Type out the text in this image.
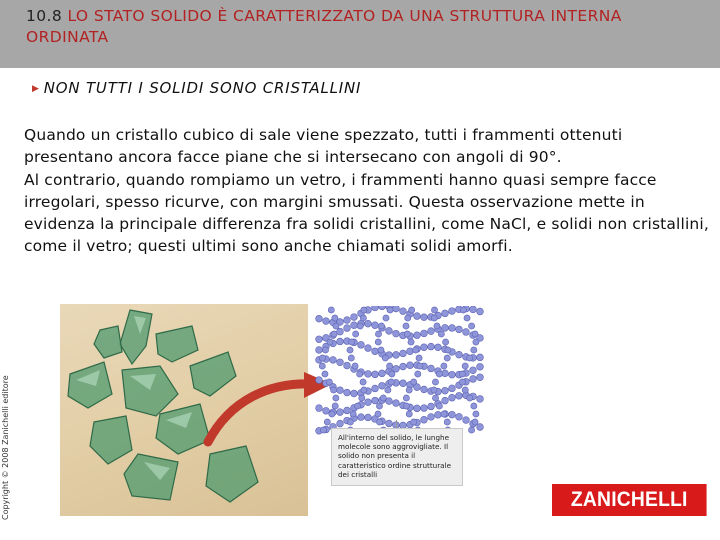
10.8 LO STATO SOLIDO È CARATTERIZZATO DA UNA STRUTTURA INTERNA ORDINATA
▶ NON TUTTI I SOLIDI SONO CRISTALLINI

Quando un cristallo cubico di sale viene spezzato, tutti i frammenti ottenuti presentano ancora facce piane che si intersecano con angoli di 90°.

Al contrario, quando rompiamo un vetro, i frammenti hanno quasi sempre facce irregolari, spesso ricurve, con margini smussati. Questa osservazione mette in evidenza la principale differenza fra solidi cristallini, come NaCl, e solidi non cristallini, come il vetro; questi ultimi sono anche chiamati solidi amorfi.

All'interno del solido, le lunghe molecole sono aggrovigliate. Il solido non presenta il caratteristico ordine strutturale dei cristalli
Copyright © 2008 Zanichelli editore	ZANICHELLI
